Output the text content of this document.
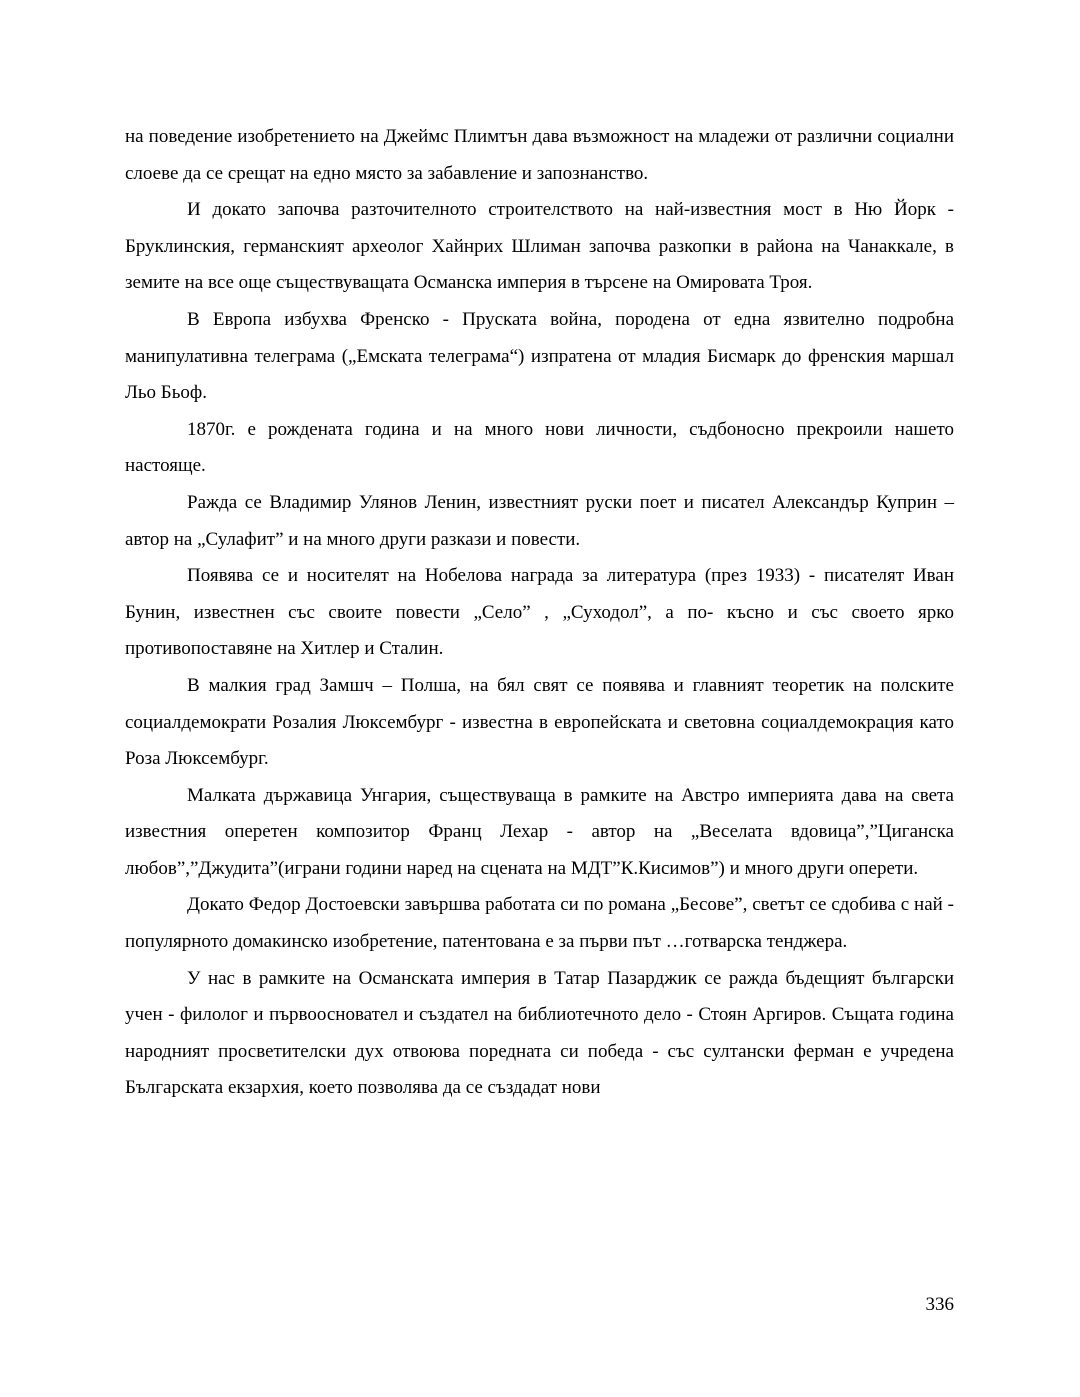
на поведение изобретението на Джеймс Плимтън дава възможност на младежи от различни социални слоеве да се срещат на едно място за забавление и запознанство.

И докато започва разточителното строителството на най-известния мост в Ню Йорк - Бруклинския, германският археолог Хайнрих Шлиман започва разкопки в района на Чанаккале, в земите на все още съществуващата Османска империя в търсене на Омировата Троя.

В Европа избухва Френско - Пруската война, породена от една язвително подробна манипулативна телеграма („Емската телеграма“) изпратена от младия Бисмарк до френския маршал Льо Бьоф.

1870г. е рождената година и на много нови личности, съдбоносно прекроили нашето настояще.

Ражда се Владимир Улянов Ленин, известният руски поет и писател Александър Куприн – автор на „Сулафит” и на много други разкази и повести.

Появява се и носителят на Нобелова награда за литература (през 1933) - писателят Иван Бунин, известнен със своите повести „Село” , „Суходол”, а по- късно и със своето ярко противопоставяне на Хитлер и Сталин.

В малкия град Замшч – Полша, на бял свят се появява и главният теоретик на полските социалдемократи Розалия Люксембург - известна в европейската и световна социалдемокрация като Роза Люксембург.

Малката държавица Унгария, съществуваща в рамките на Австро империята дава на света известния оперетен композитор Франц Лехар - автор на „Веселата вдовица”,”Циганска любов”,”Джудита”(играни години наред на сцената на МДТ”К.Кисимов”) и много други оперети.

Докато Федор Достоевски завършва работата си по романа „Бесове”, светът се сдобива с най - популярното домакинско изобретение, патентована е за първи път …готварска тенджера.

У нас в рамките на Османската империя в Татар Пазарджик се ражда бъдещият български учен - филолог и първоосновател и създател на библиотечното дело - Стоян Аргиров. Същата година народният просветителски дух отвоюва поредната си победа - със султански ферман е учредена Българската екзархия, което позволява да се създадат нови

336
